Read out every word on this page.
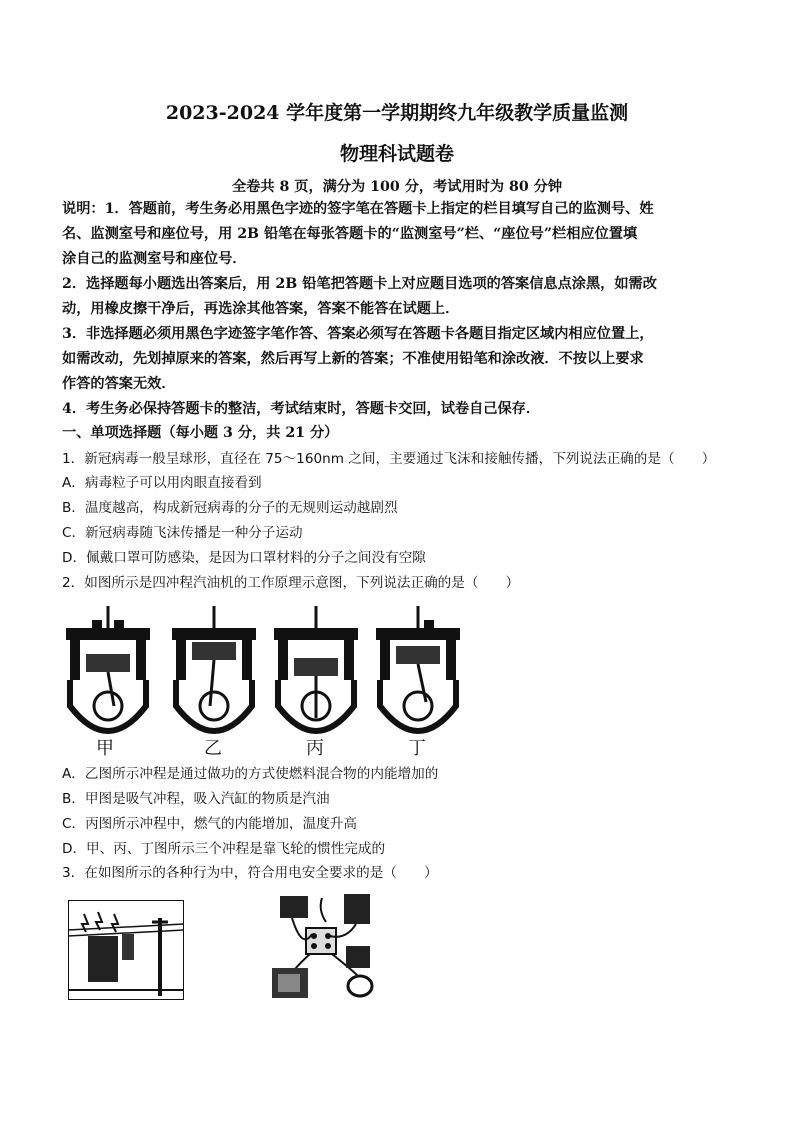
2023-2024 学年度第一学期期终九年级教学质量监测
物理科试题卷
全卷共 8 页，满分为 100 分，考试用时为 80 分钟
说明：1．答题前，考生务必用黑色字迹的签字笔在答题卡上指定的栏目填写自己的监测号、姓
名、监测室号和座位号，用 2B 铅笔在每张答题卡的“监测室号”栏、“座位号”栏相应位置填
涂自己的监测室号和座位号．
2．选择题每小题选出答案后，用 2B 铅笔把答题卡上对应题目选项的答案信息点涂黑，如需改
动，用橡皮擦干净后，再选涂其他答案，答案不能答在试题上．
3．非选择题必须用黑色字迹签字笔作答、答案必须写在答题卡各题目指定区域内相应位置上，
如需改动，先划掉原来的答案，然后再写上新的答案；不准使用铅笔和涂改液．不按以上要求
作答的答案无效．
4．考生务必保持答题卡的整洁，考试结束时，答题卡交回，试卷自己保存．
一、单项选择题（每小题 3 分，共 21 分）
1．新冠病毒一般呈球形，直径在 75～160nm 之间，主要通过飞沫和接触传播，下列说法正确的是（　　）
A．病毒粒子可以用肉眼直接看到
B．温度越高，构成新冠病毒的分子的无规则运动越剧烈
C．新冠病毒随飞沫传播是一种分子运动
D．佩戴口罩可防感染，是因为口罩材料的分子之间没有空隙
2．如图所示是四冲程汽油机的工作原理示意图，下列说法正确的是（　　）
甲	乙	丙	丁
A．乙图所示冲程是通过做功的方式使燃料混合物的内能增加的
B．甲图是吸气冲程，吸入汽缸的物质是汽油
C．丙图所示冲程中，燃气的内能增加，温度升高
D．甲、丙、丁图所示三个冲程是靠飞轮的惯性完成的
3．在如图所示的各种行为中，符合用电安全要求的是（　　）
